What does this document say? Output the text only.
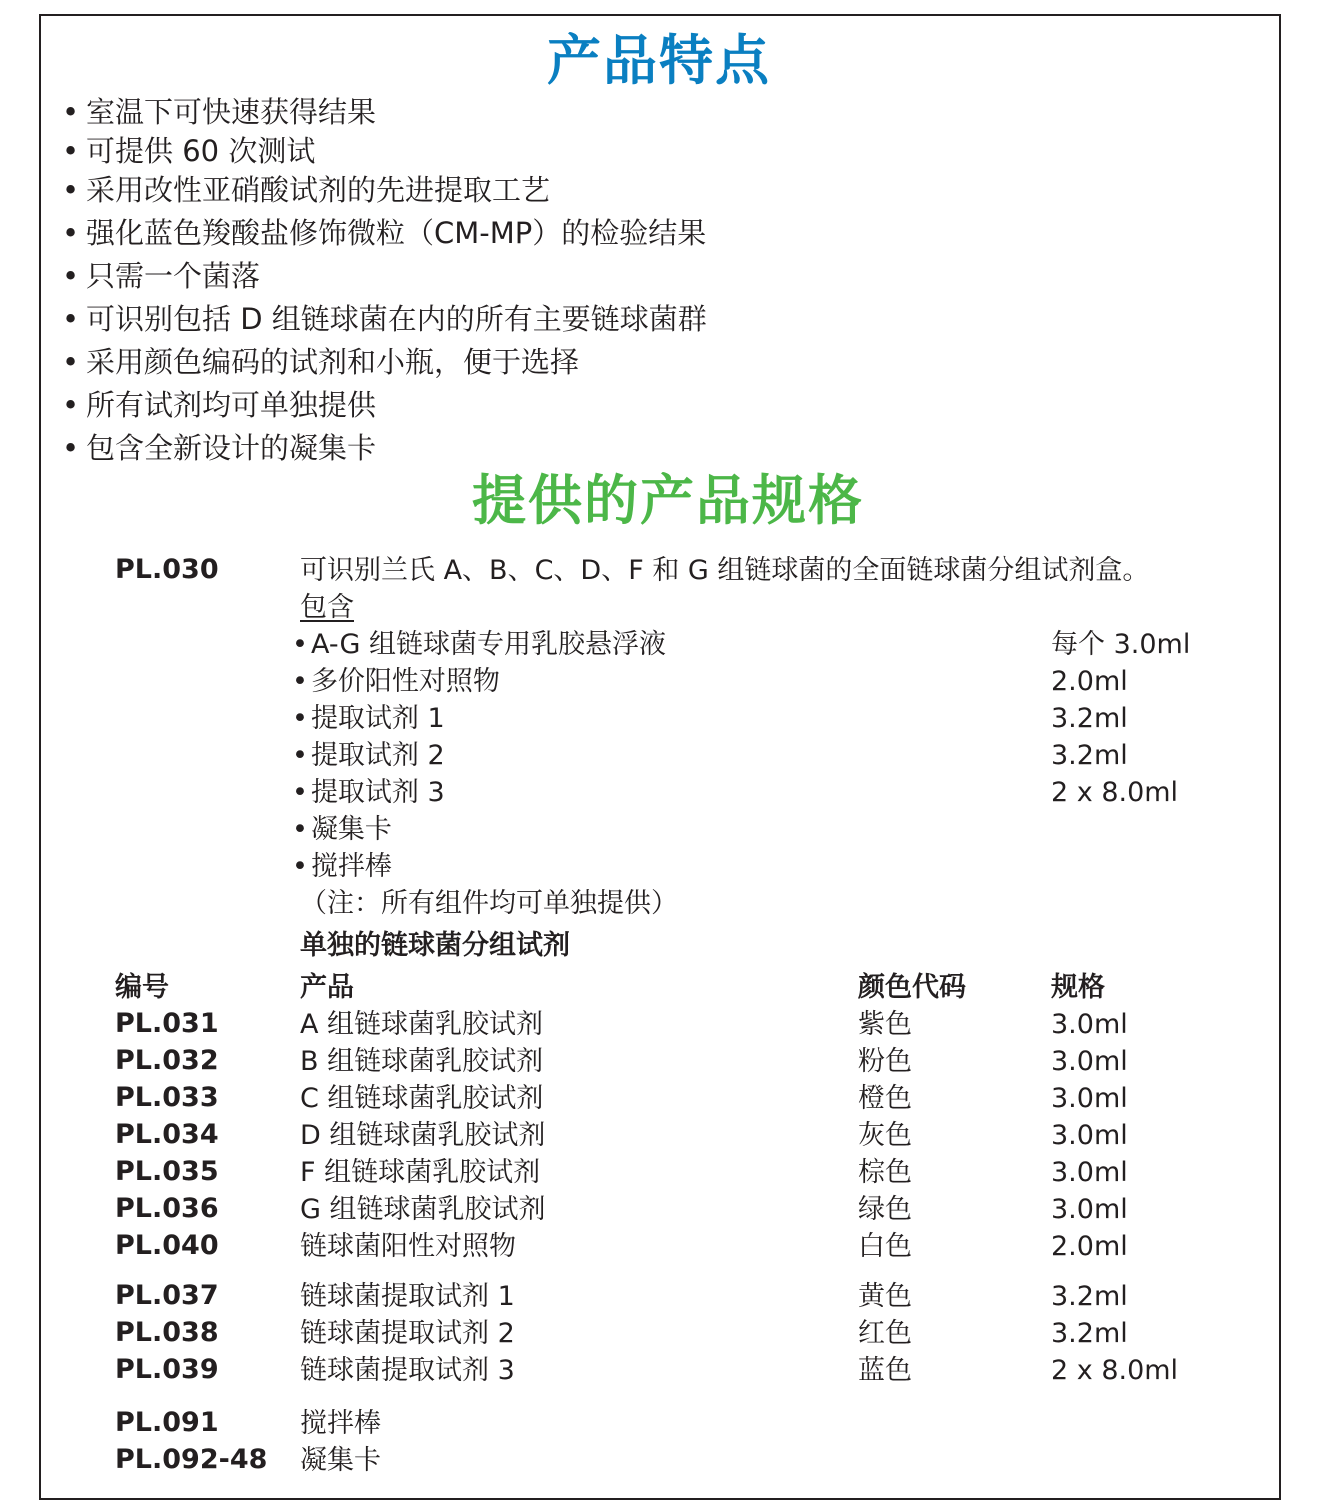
产品特点
• 室温下可快速获得结果
• 可提供 60 次测试
• 采用改性亚硝酸试剂的先进提取工艺
• 强化蓝色羧酸盐修饰微粒（CM-MP）的检验结果
• 只需一个菌落
• 可识别包括 D 组链球菌在内的所有主要链球菌群
• 采用颜色编码的试剂和小瓶，便于选择
• 所有试剂均可单独提供
• 包含全新设计的凝集卡
提供的产品规格
PL.030	可识别兰氏 A、B、C、D、F 和 G 组链球菌的全面链球菌分组试剂盒。
包含
• A-G 组链球菌专用乳胶悬浮液	每个 3.0ml
• 多价阳性对照物	2.0ml
• 提取试剂 1	3.2ml
• 提取试剂 2	3.2ml
• 提取试剂 3	2 x 8.0ml
• 凝集卡
• 搅拌棒
（注：所有组件均可单独提供）
单独的链球菌分组试剂
编号	产品	颜色代码	规格
PL.031	A 组链球菌乳胶试剂	紫色	3.0ml
PL.032	B 组链球菌乳胶试剂	粉色	3.0ml
PL.033	C 组链球菌乳胶试剂	橙色	3.0ml
PL.034	D 组链球菌乳胶试剂	灰色	3.0ml
PL.035	F 组链球菌乳胶试剂	棕色	3.0ml
PL.036	G 组链球菌乳胶试剂	绿色	3.0ml
PL.040	链球菌阳性对照物	白色	2.0ml
PL.037	链球菌提取试剂 1	黄色	3.2ml
PL.038	链球菌提取试剂 2	红色	3.2ml
PL.039	链球菌提取试剂 3	蓝色	2 x 8.0ml
PL.091	搅拌棒
PL.092-48 凝集卡
